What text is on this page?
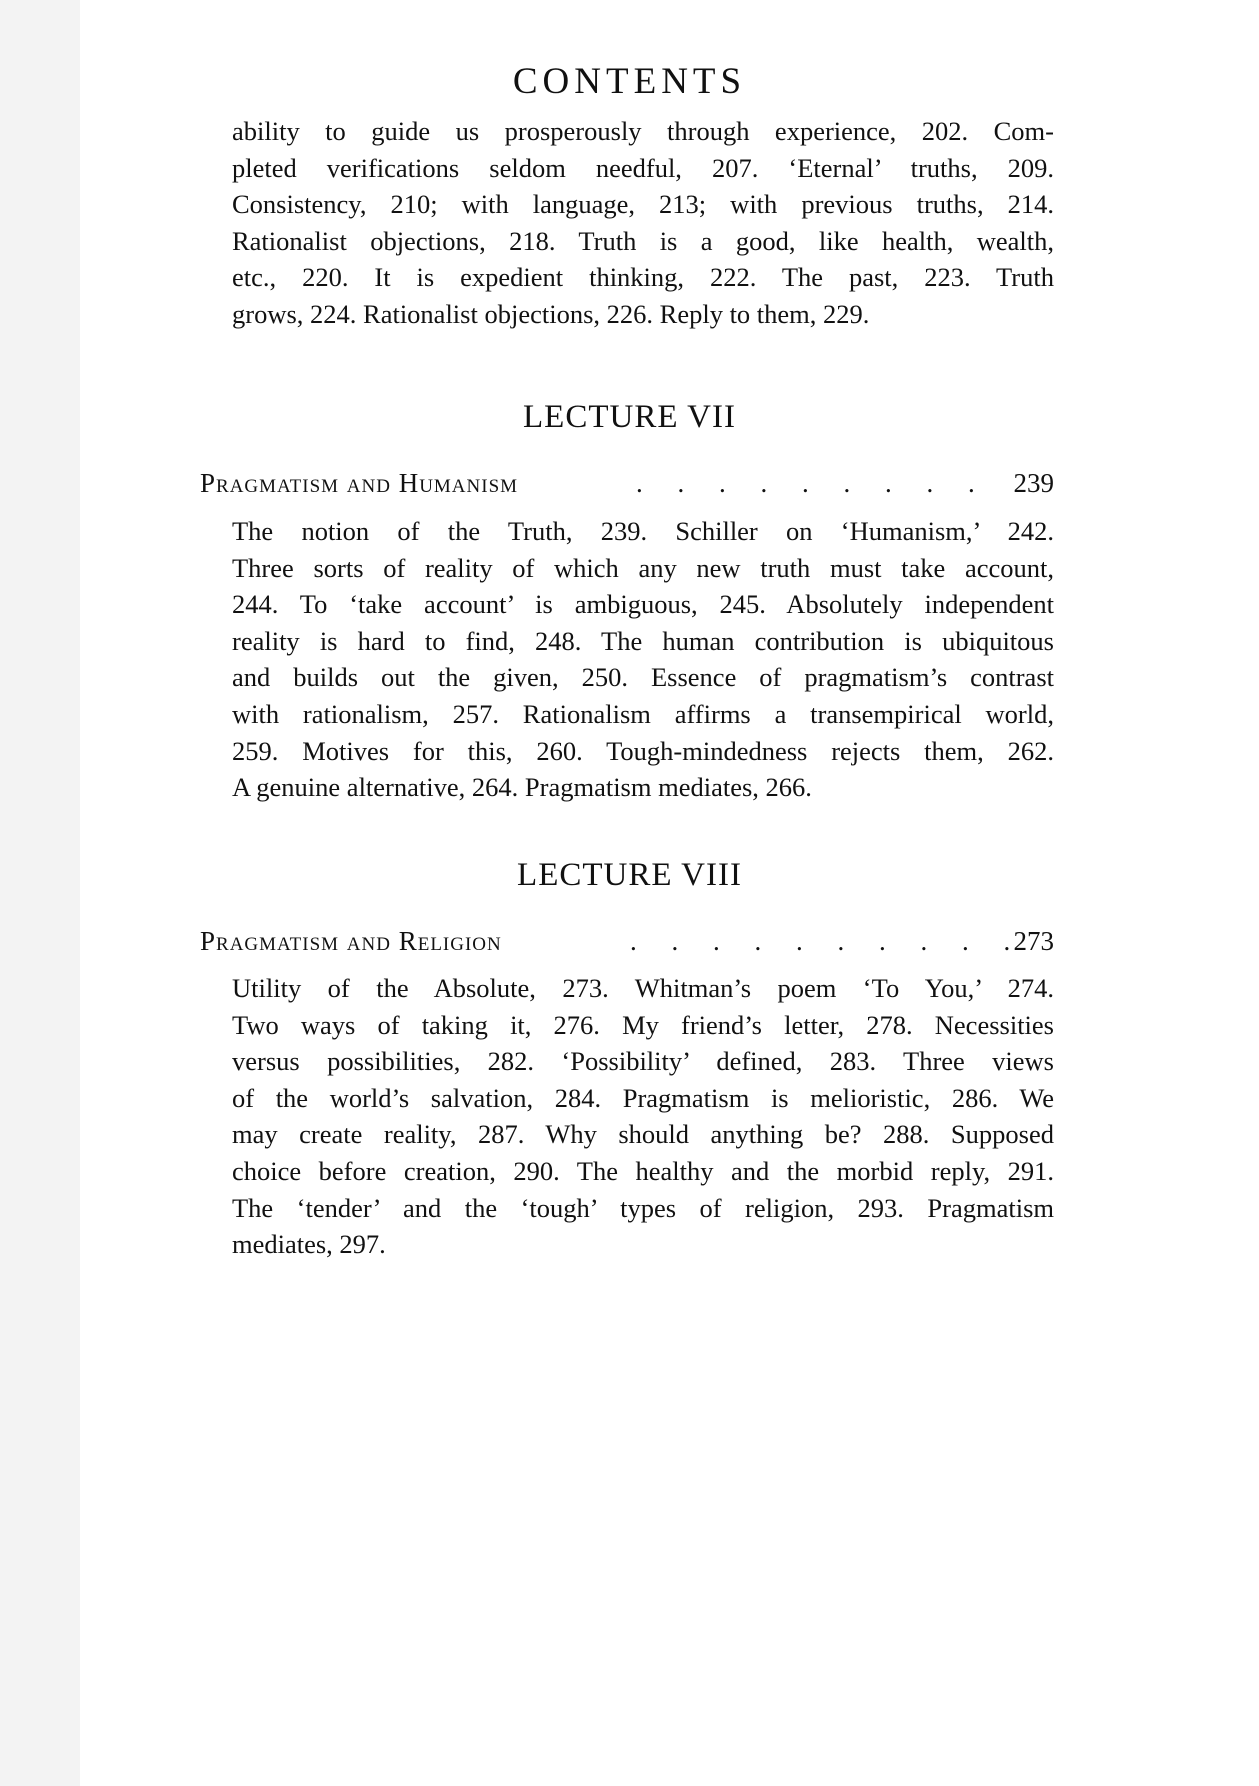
CONTENTS
ability to guide us prosperously through experience, 202. Com-
pleted verifications seldom needful, 207. ‘Eternal’ truths, 209.
Consistency, 210; with language, 213; with previous truths, 214.
Rationalist objections, 218. Truth is a good, like health, wealth,
etc., 220. It is expedient thinking, 222. The past, 223. Truth
grows, 224. Rationalist objections, 226. Reply to them, 229.
LECTURE VII
Pragmatism and Humanism	. . . . . . . . . 239
The notion of the Truth, 239. Schiller on ‘Humanism,’ 242.
Three sorts of reality of which any new truth must take account,
244. To ‘take account’ is ambiguous, 245. Absolutely independent
reality is hard to find, 248. The human contribution is ubiquitous
and builds out the given, 250. Essence of pragmatism’s contrast
with rationalism, 257. Rationalism affirms a transempirical world,
259. Motives for this, 260. Tough-mindedness rejects them, 262.
A genuine alternative, 264. Pragmatism mediates, 266.
LECTURE VIII
Pragmatism and Religion	. . . . . . . . . .
273
Utility of the Absolute, 273. Whitman’s poem ‘To You,’ 274.
Two ways of taking it, 276. My friend’s letter, 278. Necessities
versus possibilities, 282. ‘Possibility’ defined, 283. Three views
of the world’s salvation, 284. Pragmatism is melioristic, 286. We
may create reality, 287. Why should anything be? 288. Supposed
choice before creation, 290. The healthy and the morbid reply, 291.
The ‘tender’ and the ‘tough’ types of religion, 293. Pragmatism
mediates, 297.
